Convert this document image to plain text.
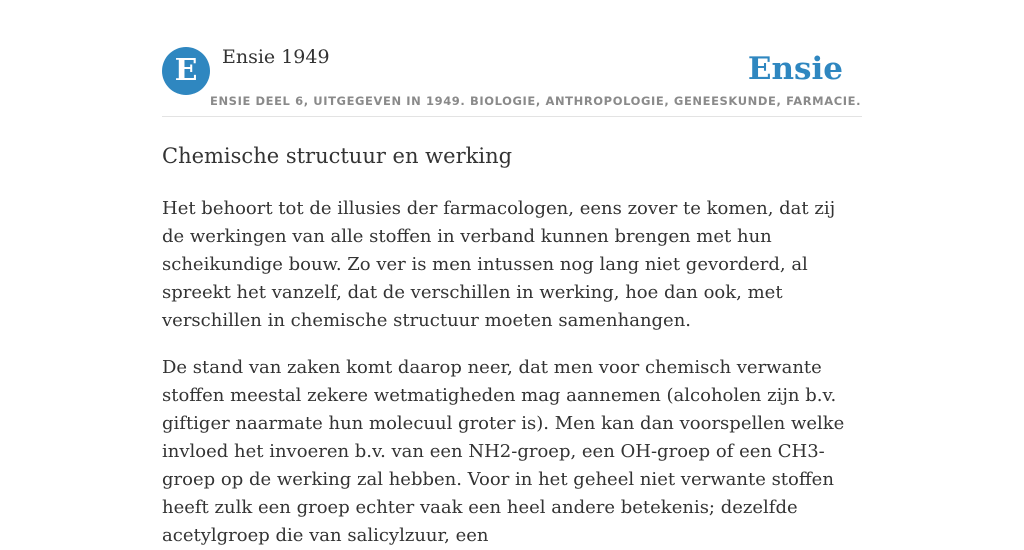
E	Ensie 1949	Ensie
ENSIE DEEL 6, UITGEGEVEN IN 1949. BIOLOGIE, ANTHROPOLOGIE, GENEESKUNDE, FARMACIE.
Chemische structuur en werking

Het behoort tot de illusies der farmacologen, eens zover te komen, dat zij de werkingen van alle stoffen in verband kunnen brengen met hun scheikundige bouw. Zo ver is men intussen nog lang niet gevorderd, al spreekt het vanzelf, dat de verschillen in werking, hoe dan ook, met verschillen in chemische structuur moeten samenhangen.

De stand van zaken komt daarop neer, dat men voor chemisch verwante stoffen meestal zekere wetmatigheden mag aannemen (alcoholen zijn b.v. giftiger naarmate hun molecuul groter is). Men kan dan voorspellen welke invloed het invoeren b.v. van een NH2-groep, een OH-groep of een CH3-groep op de werking zal hebben. Voor in het geheel niet verwante stoffen heeft zulk een groep echter vaak een heel andere betekenis; dezelfde acetylgroep die van salicylzuur, een
